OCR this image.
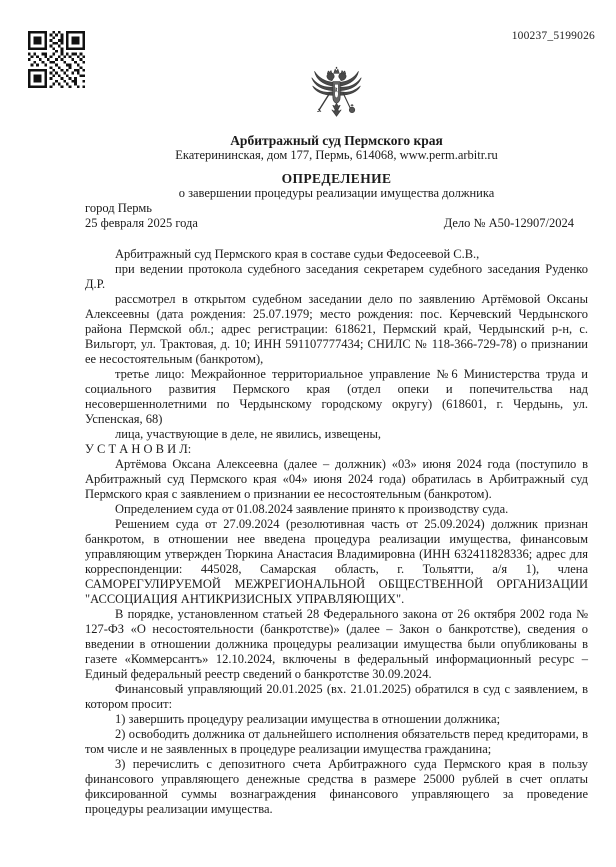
100237_5199026
Арбитражный суд Пермского края
Екатерининская, дом 177, Пермь, 614068, www.perm.arbitr.ru
ОПРЕДЕЛЕНИЕ
о завершении процедуры реализации имущества должника
город Пермь
25 февраля 2025 года	Дело № А50-12907/2024

Арбитражный суд Пермского края в составе судьи Федосеевой С.В.,

при ведении протокола судебного заседания секретарем судебного заседания Руденко Д.Р.

рассмотрел в открытом судебном заседании дело по заявлению Артёмовой Оксаны Алексеевны (дата рождения: 25.07.1979; место рождения: пос. Керчевский Чердынского района Пермской обл.; адрес регистрации: 618621, Пермский край, Чердынский р-н, с. Вильгорт, ул. Трактовая, д. 10; ИНН 591107777434; СНИЛС № 118-366-729-78) о признании ее несостоятельным (банкротом),

третье лицо: Межрайонное территориальное управление №6 Министерства труда и социального развития Пермского края (отдел опеки и попечительства над несовершеннолетними по Чердынскому городскому округу) (618601, г. Чердынь, ул. Успенская, 68)

лица, участвующие в деле, не явились, извещены,

У С Т А Н О В И Л:

Артёмова Оксана Алексеевна (далее – должник) «03» июня 2024 года (поступило в Арбитражный суд Пермского края «04» июня 2024 года) обратилась в Арбитражный суд Пермского края с заявлением о признании ее несостоятельным (банкротом).

Определением суда от 01.08.2024 заявление принято к производству суда.

Решением суда от 27.09.2024 (резолютивная часть от 25.09.2024) должник признан банкротом, в отношении нее введена процедура реализации имущества, финансовым управляющим утвержден Тюркина Анастасия Владимировна (ИНН 632411828336; адрес для корреспонденции: 445028, Самарская область, г. Тольятти, а/я 1), члена САМОРЕГУЛИРУЕМОЙ МЕЖРЕГИОНАЛЬНОЙ ОБЩЕСТВЕННОЙ ОРГАНИЗАЦИИ "АССОЦИАЦИЯ АНТИКРИЗИСНЫХ УПРАВЛЯЮЩИХ".

В порядке, установленном статьей 28 Федерального закона от 26 октября 2002 года № 127-ФЗ «О несостоятельности (банкротстве)» (далее – Закон о банкротстве), сведения о введении в отношении должника процедуры реализации имущества были опубликованы в газете «Коммерсантъ» 12.10.2024, включены в федеральный информационный ресурс – Единый федеральный реестр сведений о банкротстве 30.09.2024.

Финансовый управляющий 20.01.2025 (вх. 21.01.2025) обратился в суд с заявлением, в котором просит:

1) завершить процедуру реализации имущества в отношении должника;

2) освободить должника от дальнейшего исполнения обязательств перед кредиторами, в том числе и не заявленных в процедуре реализации имущества гражданина;

3) перечислить с депозитного счета Арбитражного суда Пермского края в пользу финансового управляющего денежные средства в размере 25000 рублей в счет оплаты фиксированной суммы вознаграждения финансового управляющего за проведение процедуры реализации имущества.
